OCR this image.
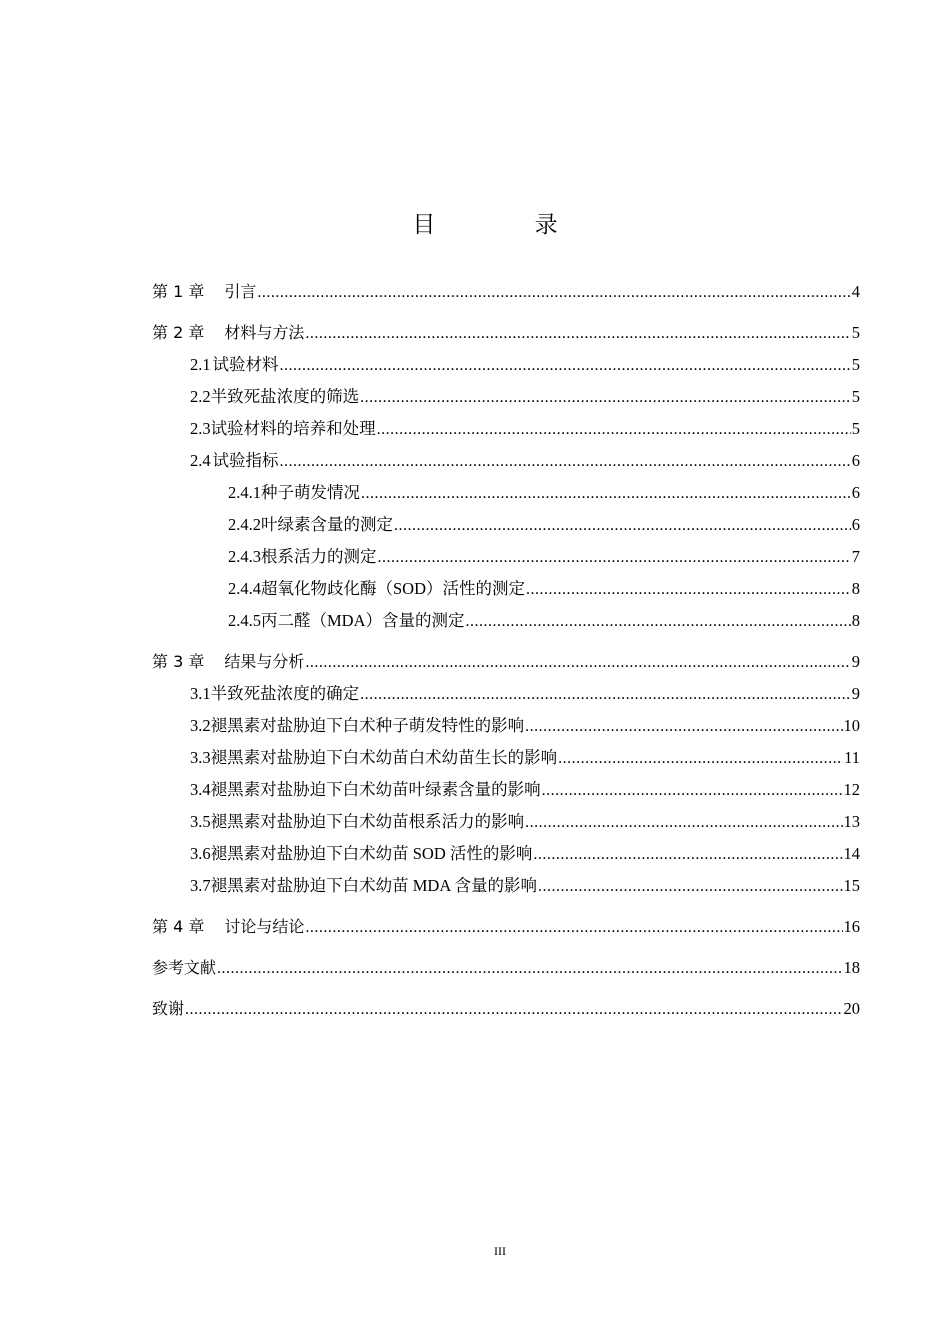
目 录
第 1 章 引言 .....	4
第 2 章 材料与方法 .....	5
2.1 试验材料 .....	5
2.2 半致死盐浓度的筛选 .....	5
2.3 试验材料的培养和处理 .....	5
2.4 试验指标 .....	6
2.4.1 种子萌发情况 .....	6
2.4.2 叶绿素含量的测定 .....	6
2.4.3 根系活力的测定 .....	7
2.4.4 超氧化物歧化酶（SOD）活性的测定 .....	8
2.4.5 丙二醛（MDA）含量的测定 .....	8
第 3 章 结果与分析 .....	9
3.1 半致死盐浓度的确定 .....	9
3.2 褪黑素对盐胁迫下白术种子萌发特性的影响 .....	10
3.3 褪黑素对盐胁迫下白术幼苗白术幼苗生长的影响 .....	11
3.4 褪黑素对盐胁迫下白术幼苗叶绿素含量的影响 .....	12
3.5 褪黑素对盐胁迫下白术幼苗根系活力的影响 .....	13
3.6 褪黑素对盐胁迫下白术幼苗 SOD 活性的影响 .....	14
3.7 褪黑素对盐胁迫下白术幼苗 MDA 含量的影响 .....	15
第 4 章 讨论与结论 .....	16
参考文献 .....	18
致谢 .....	20
III
